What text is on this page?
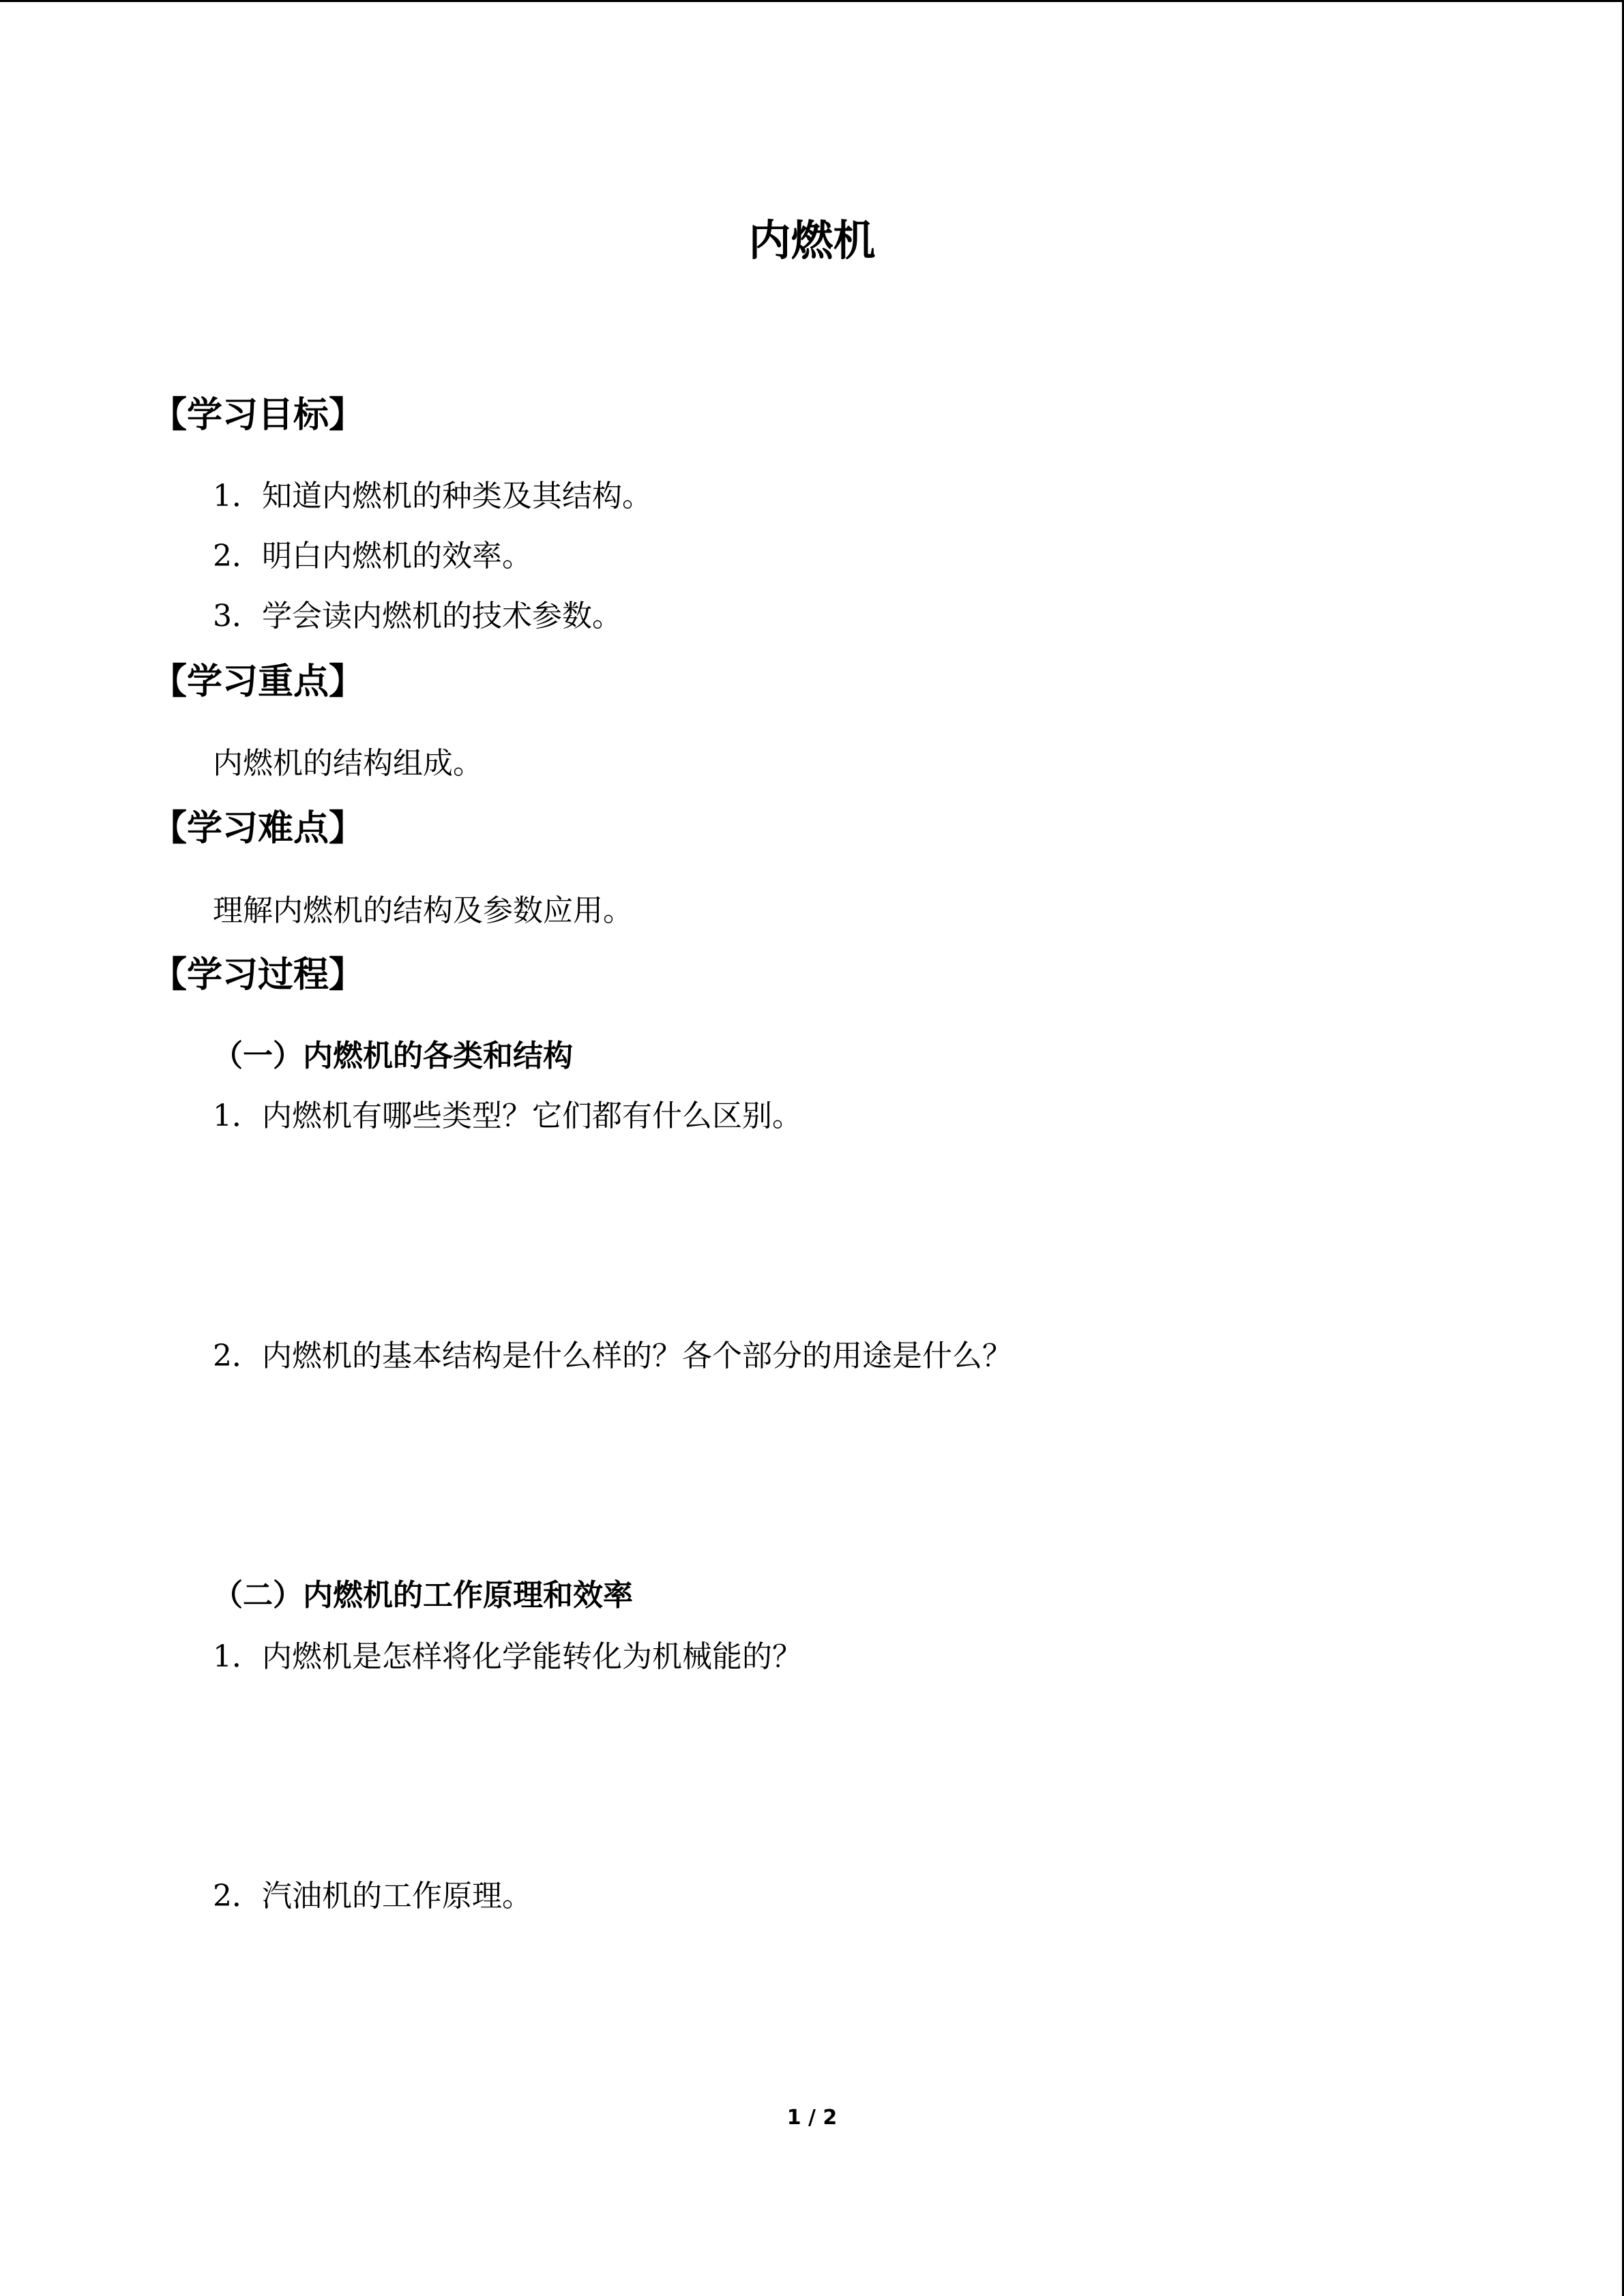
内燃机
【学习目标】
1．知道内燃机的种类及其结构。
2．明白内燃机的效率。
3．学会读内燃机的技术参数。
【学习重点】
内燃机的结构组成。
【学习难点】
理解内燃机的结构及参数应用。
【学习过程】
（一）内燃机的各类和结构
1．内燃机有哪些类型？它们都有什么区别。
2．内燃机的基本结构是什么样的？各个部分的用途是什么？
（二）内燃机的工作原理和效率
1．内燃机是怎样将化学能转化为机械能的？
2．汽油机的工作原理。
1 / 2
